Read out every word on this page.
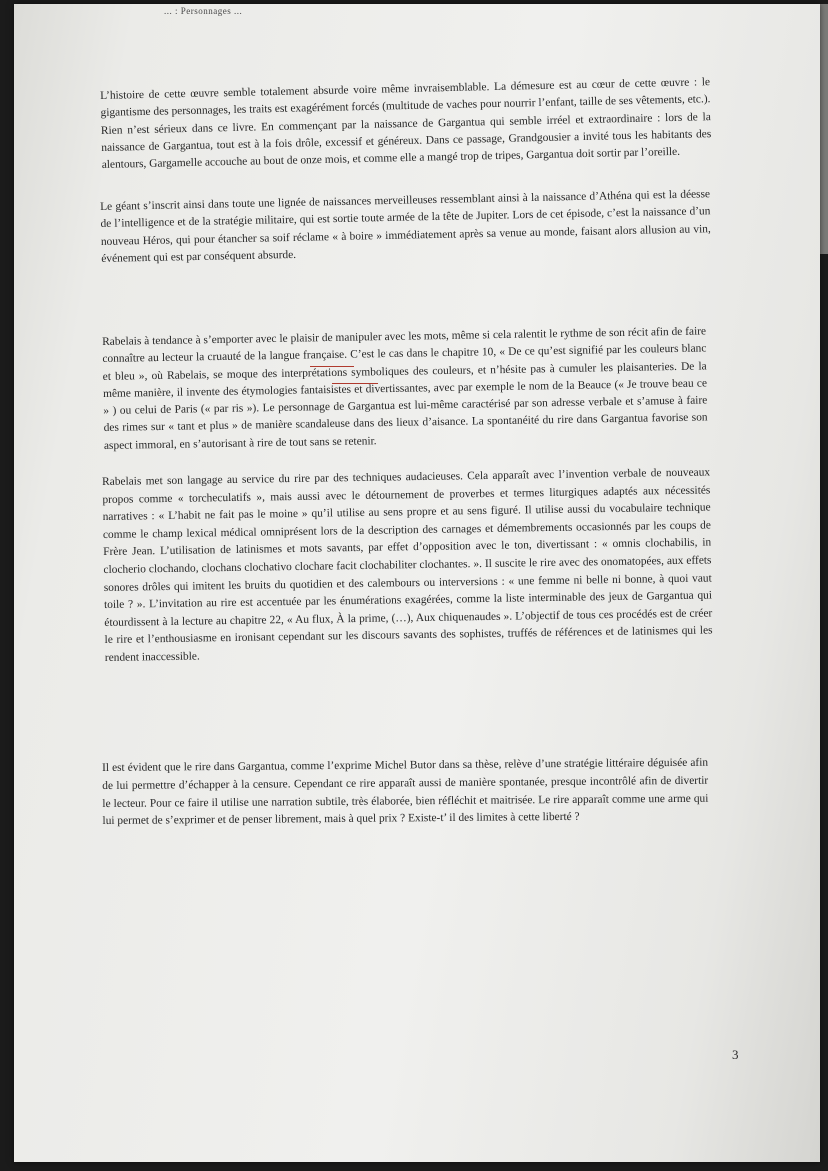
... : Personnages ...

L’histoire de cette œuvre semble totalement absurde voire même invraisemblable. La démesure est au cœur de cette œuvre : le gigantisme des personnages, les traits est exagérément forcés (multitude de vaches pour nourrir l’enfant, taille de ses vêtements, etc.). Rien n’est sérieux dans ce livre. En commençant par la naissance de Gargantua qui semble irréel et extraordinaire : lors de la naissance de Gargantua, tout est à la fois drôle, excessif et généreux. Dans ce passage, Grandgousier a invité tous les habitants des alentours, Gargamelle accouche au bout de onze mois, et comme elle a mangé trop de tripes, Gargantua doit sortir par l’oreille.

Le géant s’inscrit ainsi dans toute une lignée de naissances merveilleuses ressemblant ainsi à la naissance d’Athéna qui est la déesse de l’intelligence et de la stratégie militaire, qui est sortie toute armée de la tête de Jupiter. Lors de cet épisode, c’est la naissance d’un nouveau Héros, qui pour étancher sa soif réclame « à boire » immédiatement après sa venue au monde, faisant alors allusion au vin, événement qui est par conséquent absurde.

Rabelais à tendance à s’emporter avec le plaisir de manipuler avec les mots, même si cela ralentit le rythme de son récit afin de faire connaître au lecteur la cruauté de la langue française. C’est le cas dans le chapitre 10, « De ce qu’est signifié par les couleurs blanc et bleu », où Rabelais, se moque des interprétations symboliques des couleurs, et n’hésite pas à cumuler les plaisanteries. De la même manière, il invente des étymologies fantaisistes et divertissantes, avec par exemple le nom de la Beauce (« Je trouve beau ce » ) ou celui de Paris (« par ris »). Le personnage de Gargantua est lui-même caractérisé par son adresse verbale et s’amuse à faire des rimes sur « tant et plus » de manière scandaleuse dans des lieux d’aisance. La spontanéité du rire dans Gargantua favorise son aspect immoral, en s’autorisant à rire de tout sans se retenir.

Rabelais met son langage au service du rire par des techniques audacieuses. Cela apparaît avec l’invention verbale de nouveaux propos comme « torcheculatifs », mais aussi avec le détournement de proverbes et termes liturgiques adaptés aux nécessités narratives : « L’habit ne fait pas le moine » qu’il utilise au sens propre et au sens figuré. Il utilise aussi du vocabulaire technique comme le champ lexical médical omniprésent lors de la description des carnages et démembrements occasionnés par les coups de Frère Jean. L’utilisation de latinismes et mots savants, par effet d’opposition avec le ton, divertissant : « omnis clochabilis, in clocherio clochando, clochans clochativo clochare facit clochabiliter clochantes. ». Il suscite le rire avec des onomatopées, aux effets sonores drôles qui imitent les bruits du quotidien et des calembours ou interversions : « une femme ni belle ni bonne, à quoi vaut toile ? ». L’invitation au rire est accentuée par les énumérations exagérées, comme la liste interminable des jeux de Gargantua qui étourdissent à la lecture au chapitre 22, « Au flux, À la prime, (…), Aux chiquenaudes ». L’objectif de tous ces procédés est de créer le rire et l’enthousiasme en ironisant cependant sur les discours savants des sophistes, truffés de références et de latinismes qui les rendent inaccessible.

Il est évident que le rire dans Gargantua, comme l’exprime Michel Butor dans sa thèse, relève d’une stratégie littéraire déguisée afin de lui permettre d’échapper à la censure. Cependant ce rire apparaît aussi de manière spontanée, presque incontrôlé afin de divertir le lecteur. Pour ce faire il utilise une narration subtile, très élaborée, bien réfléchit et maitrisée. Le rire apparaît comme une arme qui lui permet de s’exprimer et de penser librement, mais à quel prix ? Existe-t’ il des limites à cette liberté ?

3
